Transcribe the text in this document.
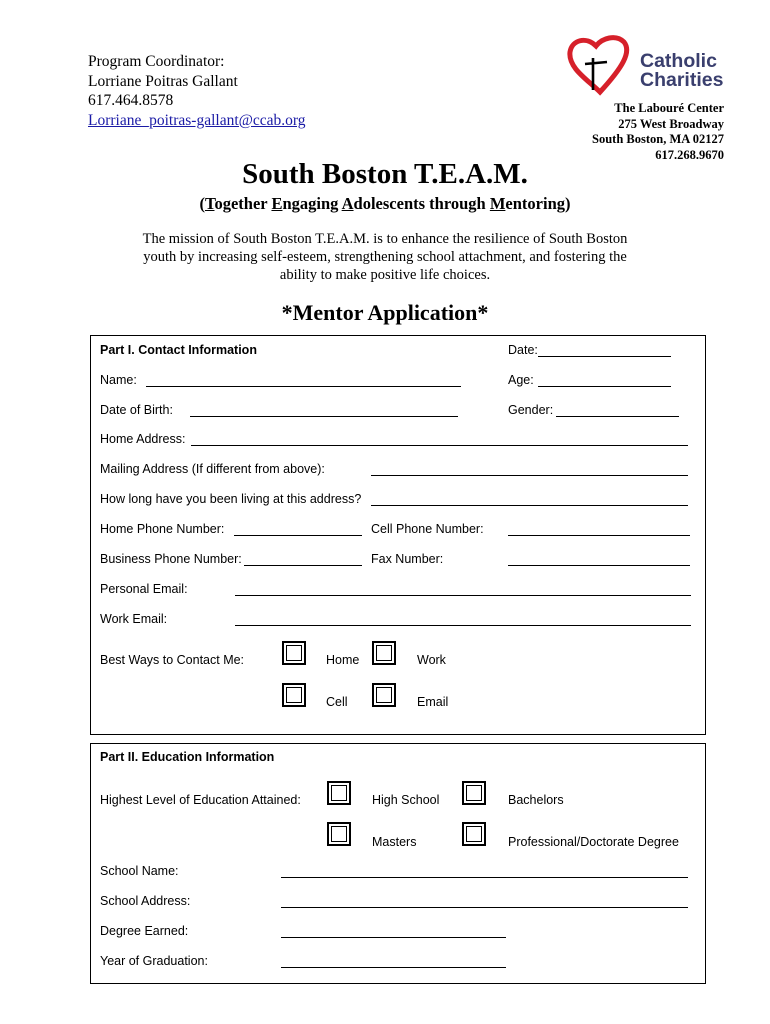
Program Coordinator:
Lorriane Poitras Gallant
617.464.8578
Lorriane_poitras-gallant@ccab.org
Catholic
Charities
The Labouré Center
275 West Broadway
South Boston, MA 02127
617.268.9670
South Boston T.E.A.M.
(Together Engaging Adolescents through Mentoring)
The mission of South Boston T.E.A.M. is to enhance the resilience of South Boston youth by increasing self-esteem, strengthening school attachment, and fostering the ability to make positive life choices.
*Mentor Application*
Part I. Contact Information	Date:
Name:	Age:
Date of Birth:	Gender:
Home Address:
Mailing Address (If different from above):
How long have you been living at this address?
Home Phone Number:	Cell Phone Number:
Business Phone Number:	Fax Number:
Personal Email:
Work Email:
Best Ways to Contact Me:	Home	Work
Cell	Email
Part II. Education Information
Highest Level of Education Attained:	High School	Bachelors
Masters	Professional/Doctorate Degree
School Name:
School Address:
Degree Earned:
Year of Graduation:
